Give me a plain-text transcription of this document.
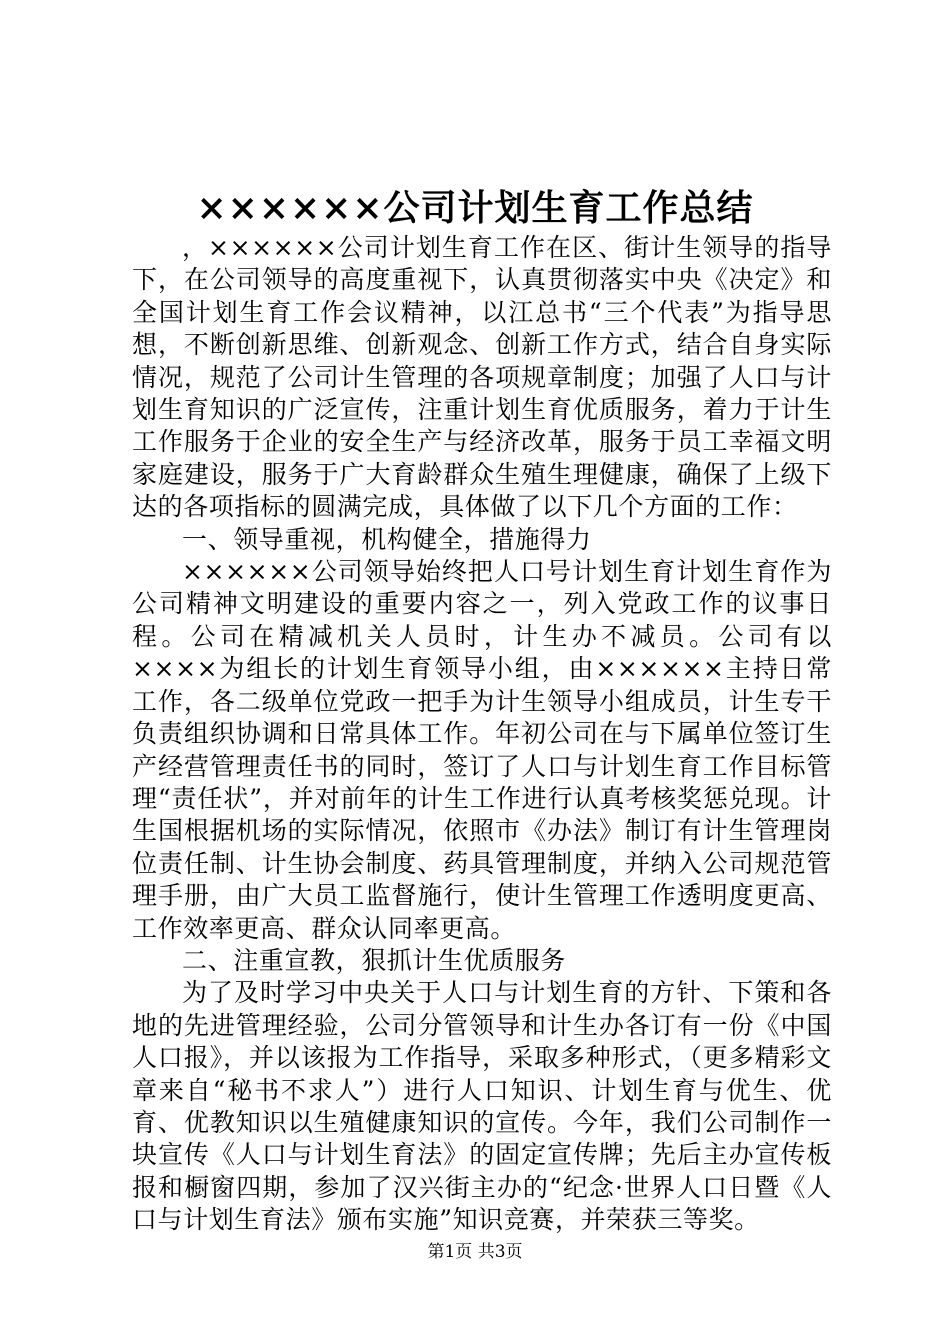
××××××公司计划生育工作总结

，××××××公司计划生育工作在区、街计生领导的指导下，在公司领导的高度重视下，认真贯彻落实中央《决定》和全国计划生育工作会议精神，以江总书“三个代表”为指导思想，不断创新思维、创新观念、创新工作方式，结合自身实际情况，规范了公司计生管理的各项规章制度；加强了人口与计划生育知识的广泛宣传，注重计划生育优质服务，着力于计生工作服务于企业的安全生产与经济改革，服务于员工幸福文明家庭建设，服务于广大育龄群众生殖生理健康，确保了上级下达的各项指标的圆满完成，具体做了以下几个方面的工作：

一、领导重视，机构健全，措施得力

××××××公司领导始终把人口号计划生育计划生育作为公司精神文明建设的重要内容之一，列入党政工作的议事日程。公司在精减机关人员时，计生办不减员。公司有以××××为组长的计划生育领导小组，由××××××主持日常工作，各二级单位党政一把手为计生领导小组成员，计生专干负责组织协调和日常具体工作。年初公司在与下属单位签订生产经营管理责任书的同时，签订了人口与计划生育工作目标管理“责任状”，并对前年的计生工作进行认真考核奖惩兑现。计生国根据机场的实际情况，依照市《办法》制订有计生管理岗位责任制、计生协会制度、药具管理制度，并纳入公司规范管理手册，由广大员工监督施行，使计生管理工作透明度更高、工作效率更高、群众认同率更高。

二、注重宣教，狠抓计生优质服务

为了及时学习中央关于人口与计划生育的方针、下策和各地的先进管理经验，公司分管领导和计生办各订有一份《中国人口报》，并以该报为工作指导，采取多种形式，（更多精彩文章来自“秘书不求人”）进行人口知识、计划生育与优生、优育、优教知识以生殖健康知识的宣传。今年，我们公司制作一块宣传《人口与计划生育法》的固定宣传牌；先后主办宣传板报和橱窗四期，参加了汉兴街主办的“纪念·世界人口日暨《人口与计划生育法》颁布实施”知识竞赛，并荣获三等奖。

第1页 共3页
